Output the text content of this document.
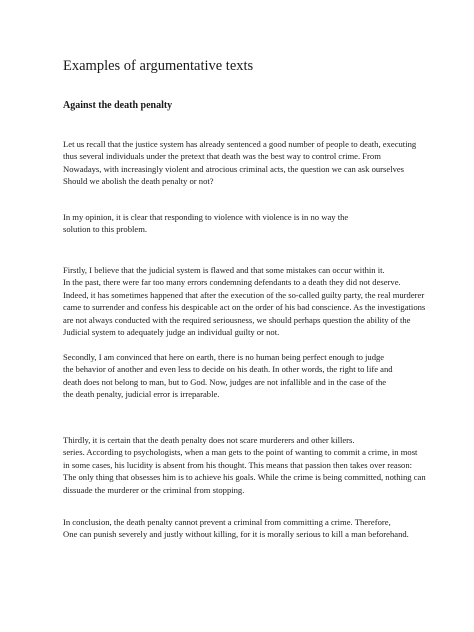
Examples of argumentative texts
Against the death penalty

Let us recall that the justice system has already sentenced a good number of people to death, executing
thus several individuals under the pretext that death was the best way to control crime. From
Nowadays, with increasingly violent and atrocious criminal acts, the question we can ask ourselves
Should we abolish the death penalty or not?

In my opinion, it is clear that responding to violence with violence is in no way the
solution to this problem.

Firstly, I believe that the judicial system is flawed and that some mistakes can occur within it.
In the past, there were far too many errors condemning defendants to a death they did not deserve.
Indeed, it has sometimes happened that after the execution of the so-called guilty party, the real murderer
came to surrender and confess his despicable act on the order of his bad conscience. As the investigations
are not always conducted with the required seriousness, we should perhaps question the ability of the
Judicial system to adequately judge an individual guilty or not.

Secondly, I am convinced that here on earth, there is no human being perfect enough to judge
the behavior of another and even less to decide on his death. In other words, the right to life and
death does not belong to man, but to God. Now, judges are not infallible and in the case of the
the death penalty, judicial error is irreparable.

Thirdly, it is certain that the death penalty does not scare murderers and other killers.
series. According to psychologists, when a man gets to the point of wanting to commit a crime, in most
in some cases, his lucidity is absent from his thought. This means that passion then takes over reason:
The only thing that obsesses him is to achieve his goals. While the crime is being committed, nothing can
dissuade the murderer or the criminal from stopping.

In conclusion, the death penalty cannot prevent a criminal from committing a crime. Therefore,
One can punish severely and justly without killing, for it is morally serious to kill a man beforehand.
